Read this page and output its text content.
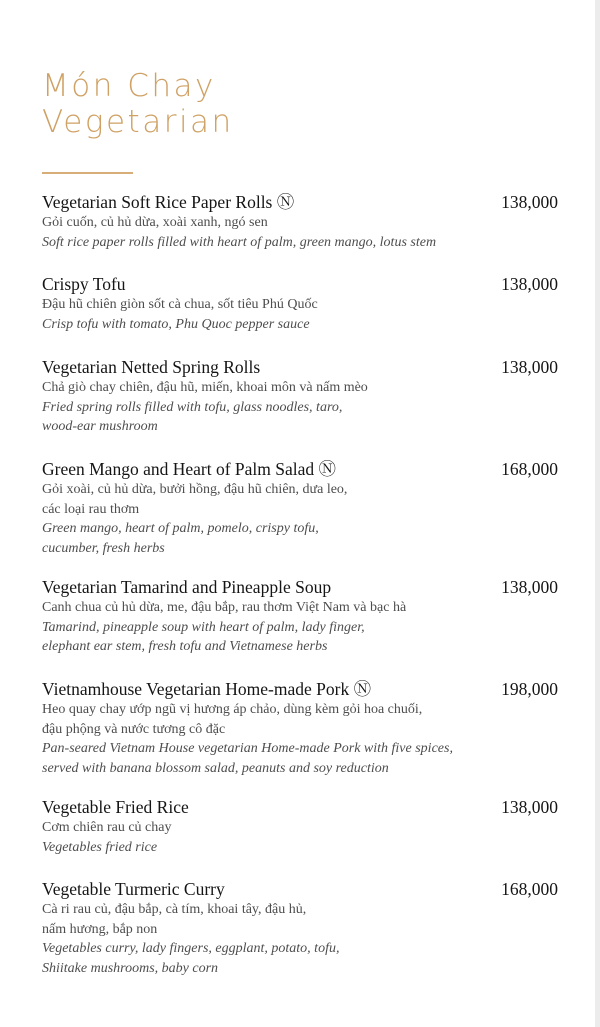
Món Chay
Vegetarian
Vegetarian Soft Rice Paper Rolls Ⓝ	138,000
Gỏi cuốn, củ hủ dừa, xoài xanh, ngó sen
Soft rice paper rolls filled with heart of palm, green mango, lotus stem
Crispy Tofu	138,000
Đậu hũ chiên giòn sốt cà chua, sốt tiêu Phú Quốc
Crisp tofu with tomato, Phu Quoc pepper sauce
Vegetarian Netted Spring Rolls	138,000
Chả giò chay chiên, đậu hũ, miến, khoai môn và nấm mèo
Fried spring rolls filled with tofu, glass noodles, taro,
wood-ear mushroom
Green Mango and Heart of Palm Salad Ⓝ	168,000
Gỏi xoài, củ hủ dừa, bưởi hồng, đậu hũ chiên, dưa leo,
các loại rau thơm
Green mango, heart of palm, pomelo, crispy tofu,
cucumber, fresh herbs
Vegetarian Tamarind and Pineapple Soup	138,000
Canh chua củ hủ dừa, me, đậu bắp, rau thơm Việt Nam và bạc hà
Tamarind, pineapple soup with heart of palm, lady finger,
elephant ear stem, fresh tofu and Vietnamese herbs
Vietnamhouse Vegetarian Home-made Pork Ⓝ	198,000
Heo quay chay ướp ngũ vị hương áp chảo, dùng kèm gỏi hoa chuối,
đậu phộng và nước tương cô đặc
Pan-seared Vietnam House vegetarian Home-made Pork with five spices,
served with banana blossom salad, peanuts and soy reduction
Vegetable Fried Rice	138,000
Cơm chiên rau củ chay
Vegetables fried rice
Vegetable Turmeric Curry	168,000
Cà ri rau củ, đậu bắp, cà tím, khoai tây, đậu hủ,
nấm hương, bắp non
Vegetables curry, lady fingers, eggplant, potato, tofu,
Shiitake mushrooms, baby corn
